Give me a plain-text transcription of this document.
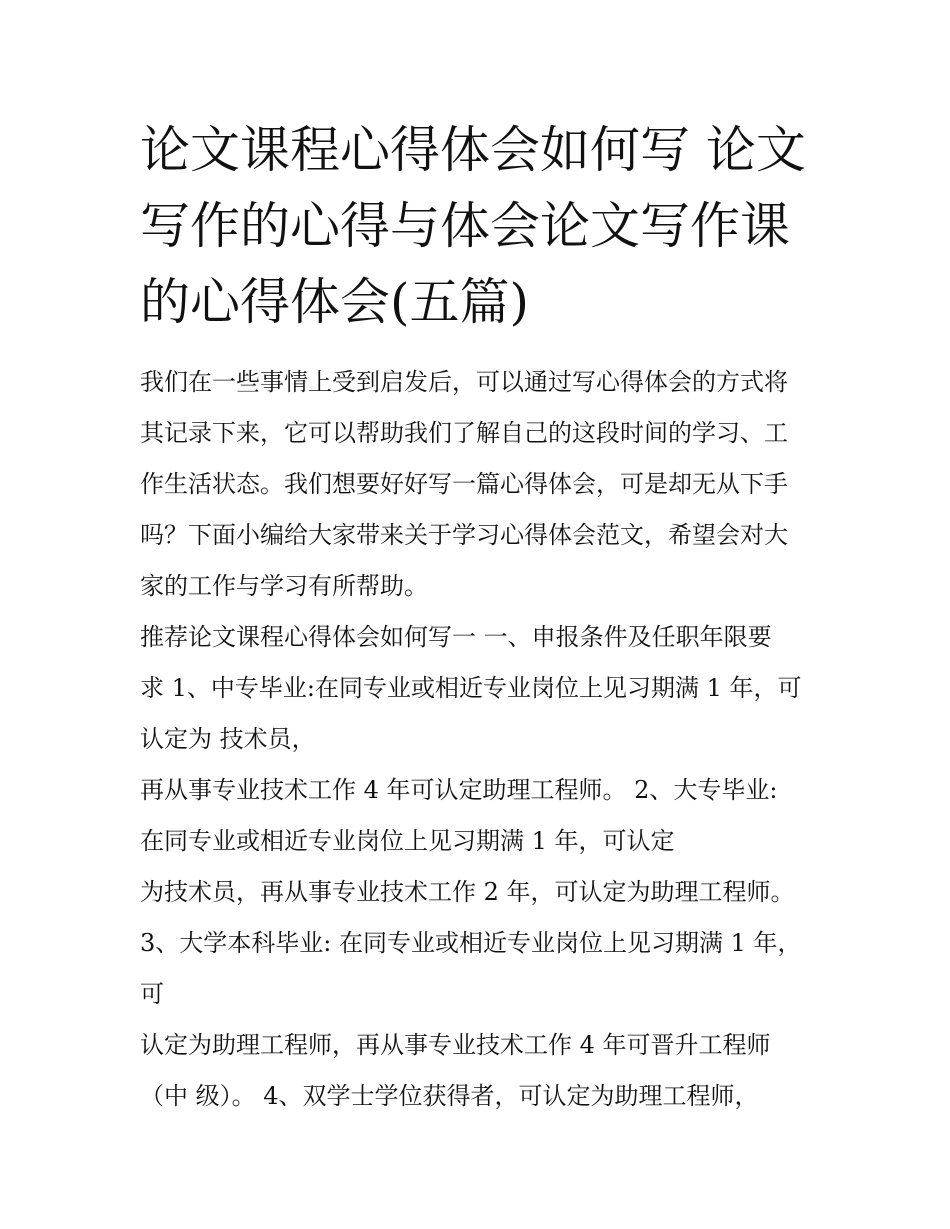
论文课程心得体会如何写 论文
写作的心得与体会论文写作课
的心得体会(五篇)
我们在一些事情上受到启发后，可以通过写心得体会的方式将
其记录下来，它可以帮助我们了解自己的这段时间的学习、工
作生活状态。我们想要好好写一篇心得体会，可是却无从下手
吗？下面小编给大家带来关于学习心得体会范文，希望会对大
家的工作与学习有所帮助。
推荐论文课程心得体会如何写一 一、申报条件及任职年限要
求 1、中专毕业:在同专业或相近专业岗位上见习期满 1 年，可
认定为 技术员，
再从事专业技术工作 4 年可认定助理工程师。 2、大专毕业:
在同专业或相近专业岗位上见习期满 1 年，可认定
为技术员，再从事专业技术工作 2 年，可认定为助理工程师。
3、大学本科毕业: 在同专业或相近专业岗位上见习期满 1 年，
可
认定为助理工程师，再从事专业技术工作 4 年可晋升工程师
（中 级）。 4、双学士学位获得者，可认定为助理工程师，
